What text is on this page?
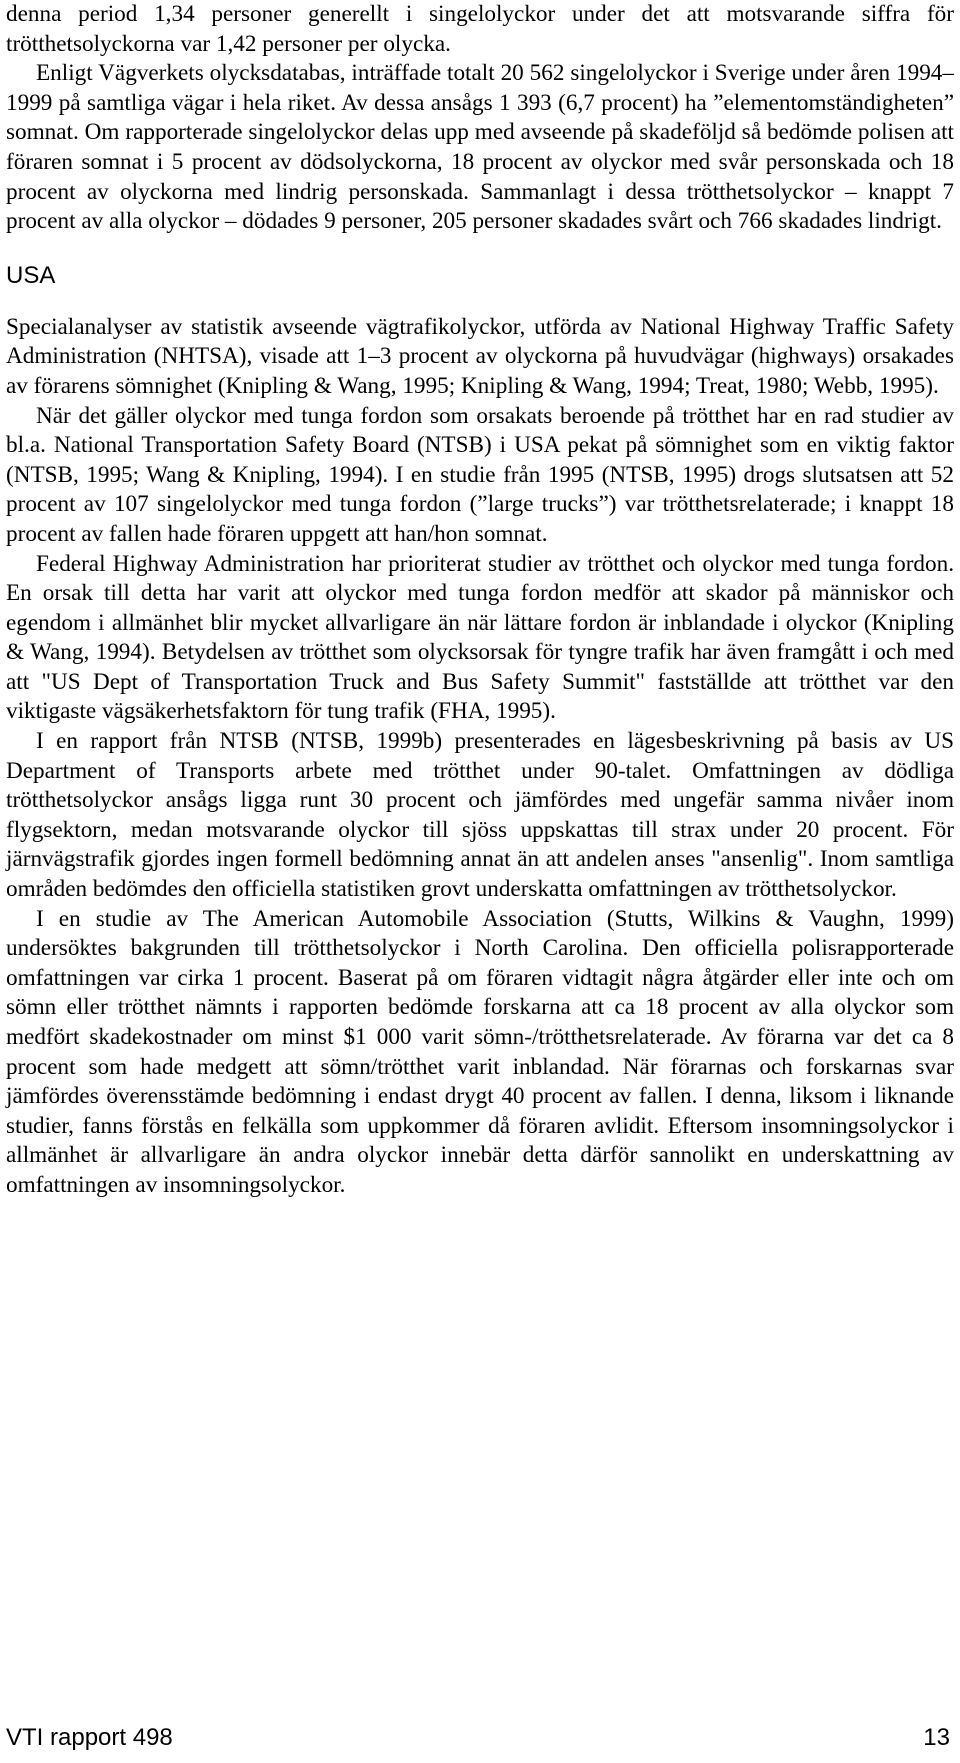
denna period 1,34 personer generellt i singelolyckor under det att motsvarande siffra för trötthetsolyckorna var 1,42 personer per olycka.

Enligt Vägverkets olycksdatabas, inträffade totalt 20 562 singelolyckor i Sverige under åren 1994–1999 på samtliga vägar i hela riket. Av dessa ansågs 1 393 (6,7 procent) ha ”elementomständigheten” somnat. Om rapporterade singelolyckor delas upp med avseende på skadeföljd så bedömde polisen att föraren somnat i 5 procent av dödsolyckorna, 18 procent av olyckor med svår personskada och 18 procent av olyckorna med lindrig personskada. Sammanlagt i dessa trötthetsolyckor – knappt 7 procent av alla olyckor – dödades 9 personer, 205 personer skadades svårt och 766 skadades lindrigt.

USA

Specialanalyser av statistik avseende vägtrafikolyckor, utförda av National Highway Traffic Safety Administration (NHTSA), visade att 1–3 procent av olyckorna på huvudvägar (highways) orsakades av förarens sömnighet (Knipling & Wang, 1995; Knipling & Wang, 1994; Treat, 1980; Webb, 1995).

När det gäller olyckor med tunga fordon som orsakats beroende på trötthet har en rad studier av bl.a. National Transportation Safety Board (NTSB) i USA pekat på sömnighet som en viktig faktor (NTSB, 1995; Wang & Knipling, 1994). I en studie från 1995 (NTSB, 1995) drogs slutsatsen att 52 procent av 107 singelolyckor med tunga fordon (”large trucks”) var trötthetsrelaterade; i knappt 18 procent av fallen hade föraren uppgett att han/hon somnat.

Federal Highway Administration har prioriterat studier av trötthet och olyckor med tunga fordon. En orsak till detta har varit att olyckor med tunga fordon medför att skador på människor och egendom i allmänhet blir mycket allvarligare än när lättare fordon är inblandade i olyckor (Knipling & Wang, 1994). Betydelsen av trötthet som olycksorsak för tyngre trafik har även framgått i och med att "US Dept of Transportation Truck and Bus Safety Summit" fastställde att trötthet var den viktigaste vägsäkerhetsfaktorn för tung trafik (FHA, 1995).

I en rapport från NTSB (NTSB, 1999b) presenterades en lägesbeskrivning på basis av US Department of Transports arbete med trötthet under 90-talet. Omfattningen av dödliga trötthetsolyckor ansågs ligga runt 30 procent och jämfördes med ungefär samma nivåer inom flygsektorn, medan motsvarande olyckor till sjöss uppskattas till strax under 20 procent. För järnvägstrafik gjordes ingen formell bedömning annat än att andelen anses "ansenlig". Inom samtliga områden bedömdes den officiella statistiken grovt underskatta omfattningen av trötthetsolyckor.

I en studie av The American Automobile Association (Stutts, Wilkins & Vaughn, 1999) undersöktes bakgrunden till trötthetsolyckor i North Carolina. Den officiella polisrapporterade omfattningen var cirka 1 procent. Baserat på om föraren vidtagit några åtgärder eller inte och om sömn eller trötthet nämnts i rapporten bedömde forskarna att ca 18 procent av alla olyckor som medfört skadekostnader om minst $1 000 varit sömn-/trötthetsrelaterade. Av förarna var det ca 8 procent som hade medgett att sömn/trötthet varit inblandad. När förarnas och forskarnas svar jämfördes överensstämde bedömning i endast drygt 40 procent av fallen. I denna, liksom i liknande studier, fanns förstås en felkälla som uppkommer då föraren avlidit. Eftersom insomningsolyckor i allmänhet är allvarligare än andra olyckor innebär detta därför sannolikt en underskattning av omfattningen av insomningsolyckor.

VTI rapport 498	13
